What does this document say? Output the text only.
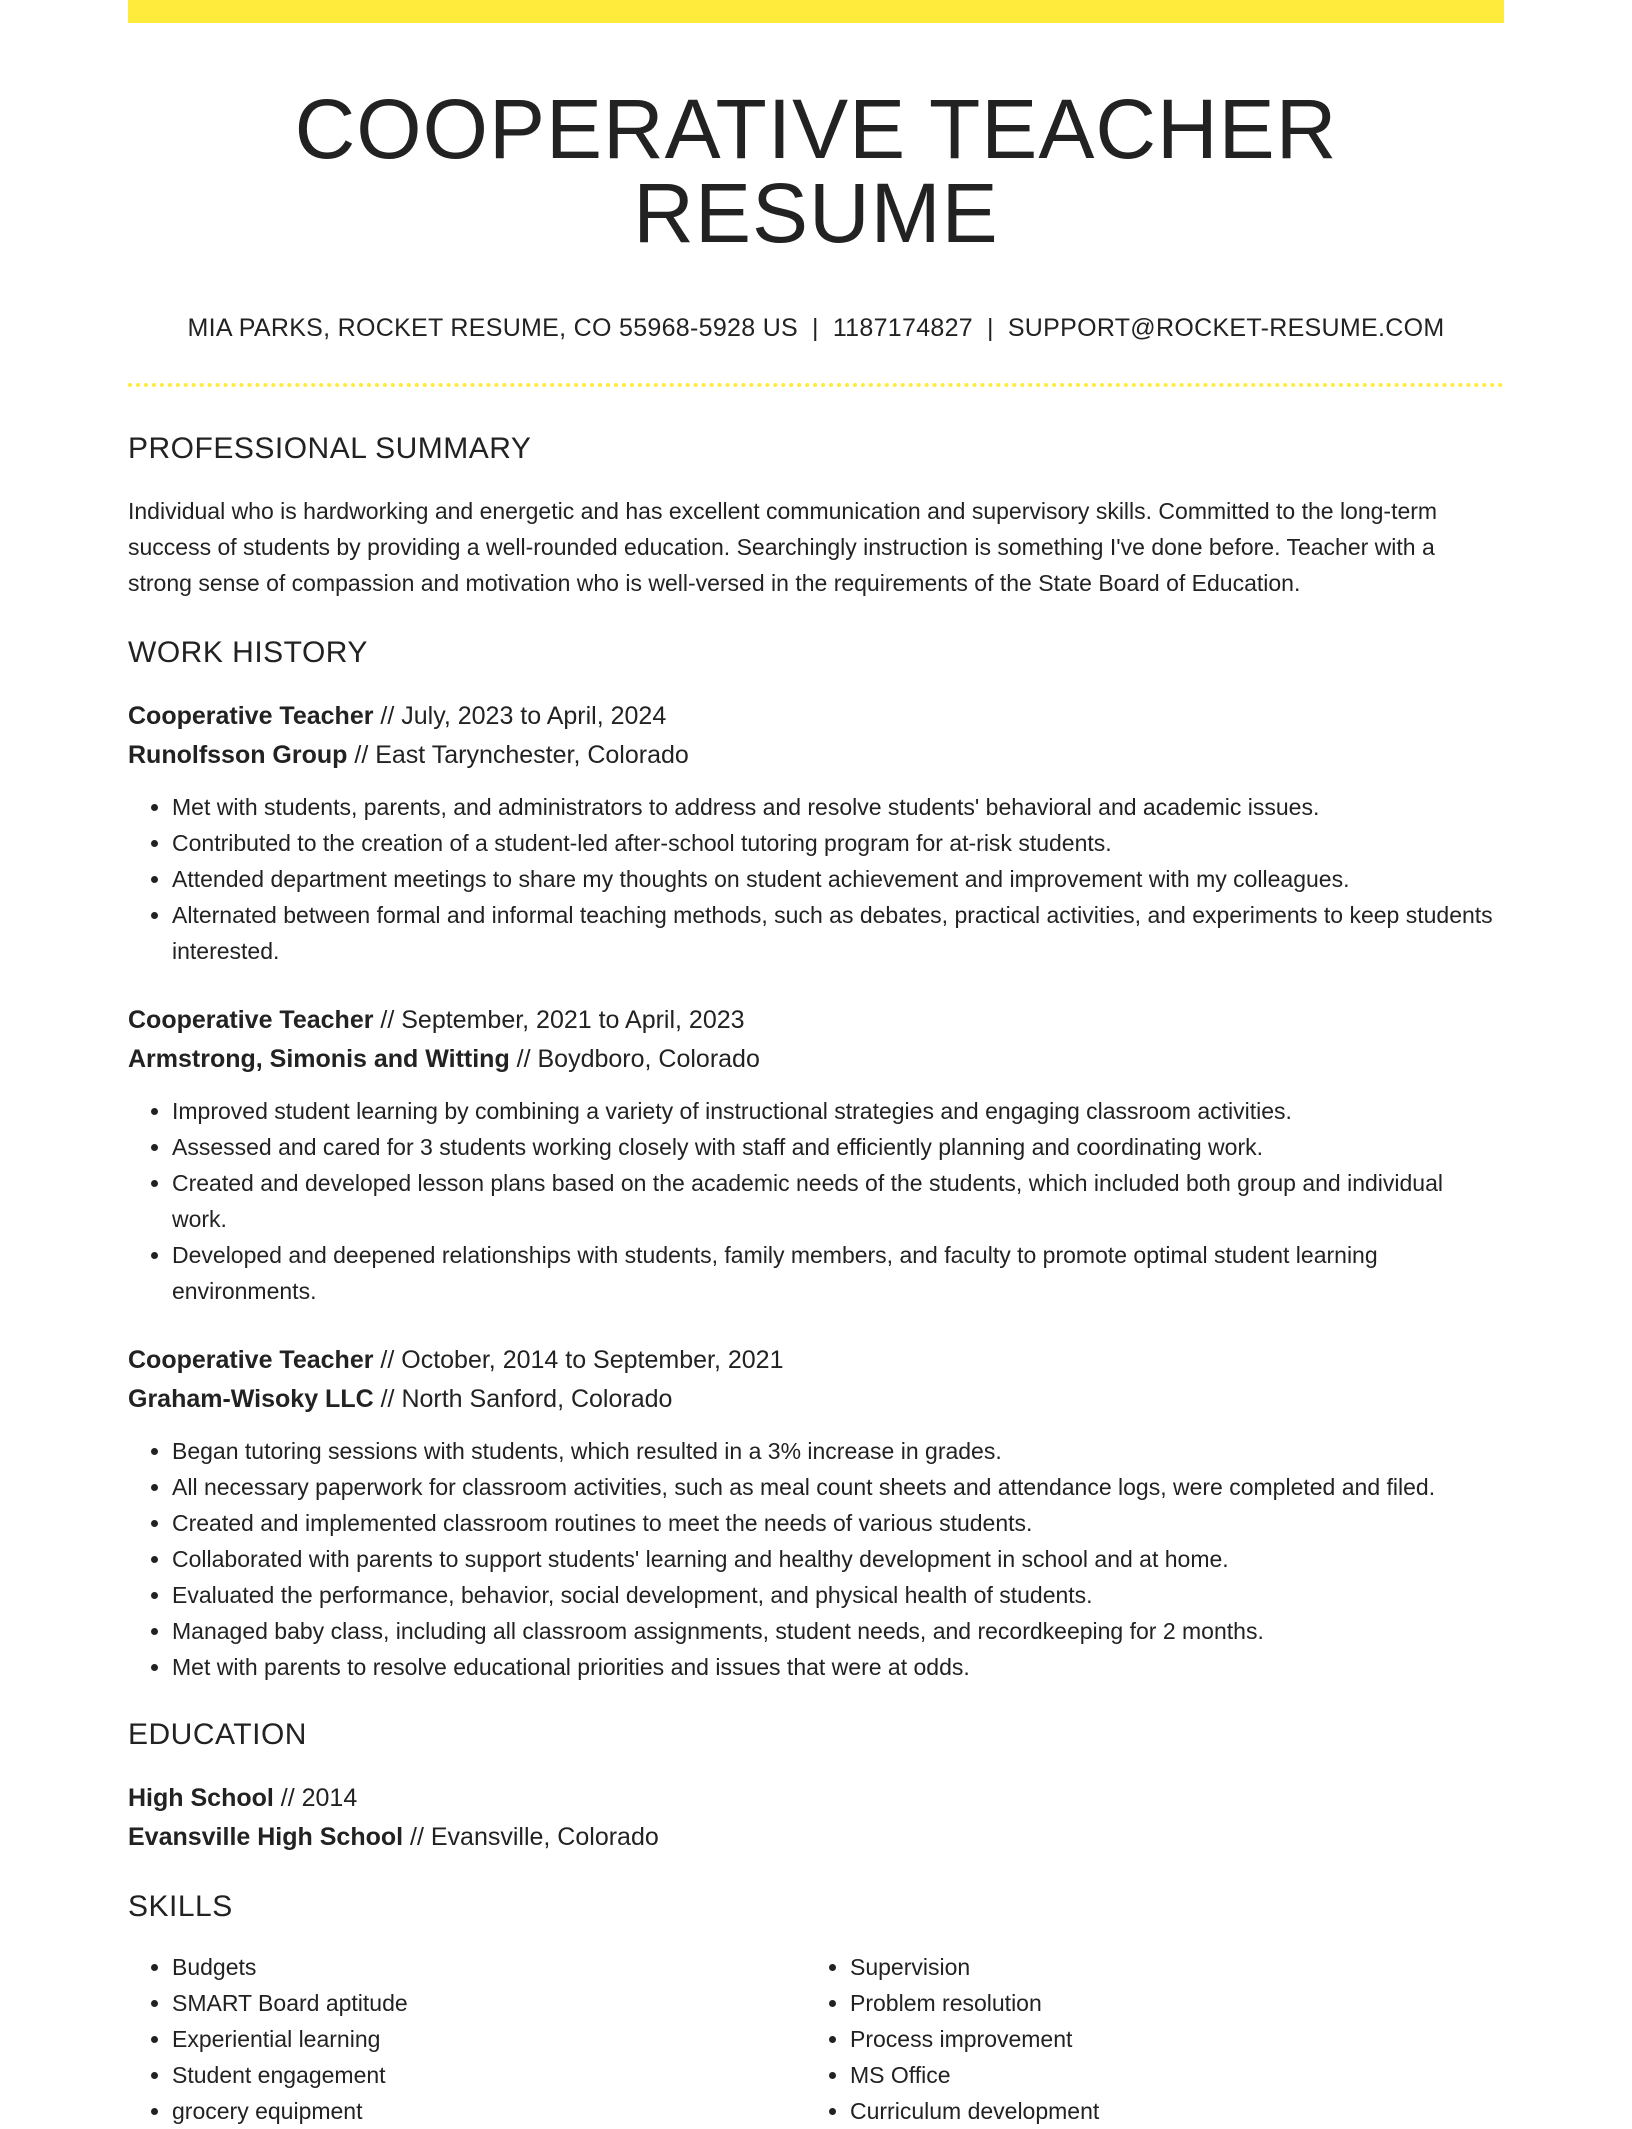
COOPERATIVE TEACHER RESUME
MIA PARKS, ROCKET RESUME, CO 55968-5928 US | 1187174827 | SUPPORT@ROCKET-RESUME.COM
PROFESSIONAL SUMMARY
Individual who is hardworking and energetic and has excellent communication and supervisory skills. Committed to the long-term success of students by providing a well-rounded education. Searchingly instruction is something I've done before. Teacher with a strong sense of compassion and motivation who is well-versed in the requirements of the State Board of Education.
WORK HISTORY
Cooperative Teacher // July, 2023 to April, 2024
Runolfsson Group // East Tarynchester, Colorado
• Met with students, parents, and administrators to address and resolve students' behavioral and academic issues.
• Contributed to the creation of a student-led after-school tutoring program for at-risk students.
• Attended department meetings to share my thoughts on student achievement and improvement with my colleagues.
• Alternated between formal and informal teaching methods, such as debates, practical activities, and experiments to keep students interested.
Cooperative Teacher // September, 2021 to April, 2023
Armstrong, Simonis and Witting // Boydboro, Colorado
• Improved student learning by combining a variety of instructional strategies and engaging classroom activities.
• Assessed and cared for 3 students working closely with staff and efficiently planning and coordinating work.
• Created and developed lesson plans based on the academic needs of the students, which included both group and individual work.
• Developed and deepened relationships with students, family members, and faculty to promote optimal student learning environments.
Cooperative Teacher // October, 2014 to September, 2021
Graham-Wisoky LLC // North Sanford, Colorado
• Began tutoring sessions with students, which resulted in a 3% increase in grades.
• All necessary paperwork for classroom activities, such as meal count sheets and attendance logs, were completed and filed.
• Created and implemented classroom routines to meet the needs of various students.
• Collaborated with parents to support students' learning and healthy development in school and at home.
• Evaluated the performance, behavior, social development, and physical health of students.
• Managed baby class, including all classroom assignments, student needs, and recordkeeping for 2 months.
• Met with parents to resolve educational priorities and issues that were at odds.
EDUCATION
High School // 2014
Evansville High School // Evansville, Colorado
SKILLS
• Budgets
• SMART Board aptitude
• Experiential learning
• Student engagement
• grocery equipment
• Supervision
• Problem resolution
• Process improvement
• MS Office
• Curriculum development
